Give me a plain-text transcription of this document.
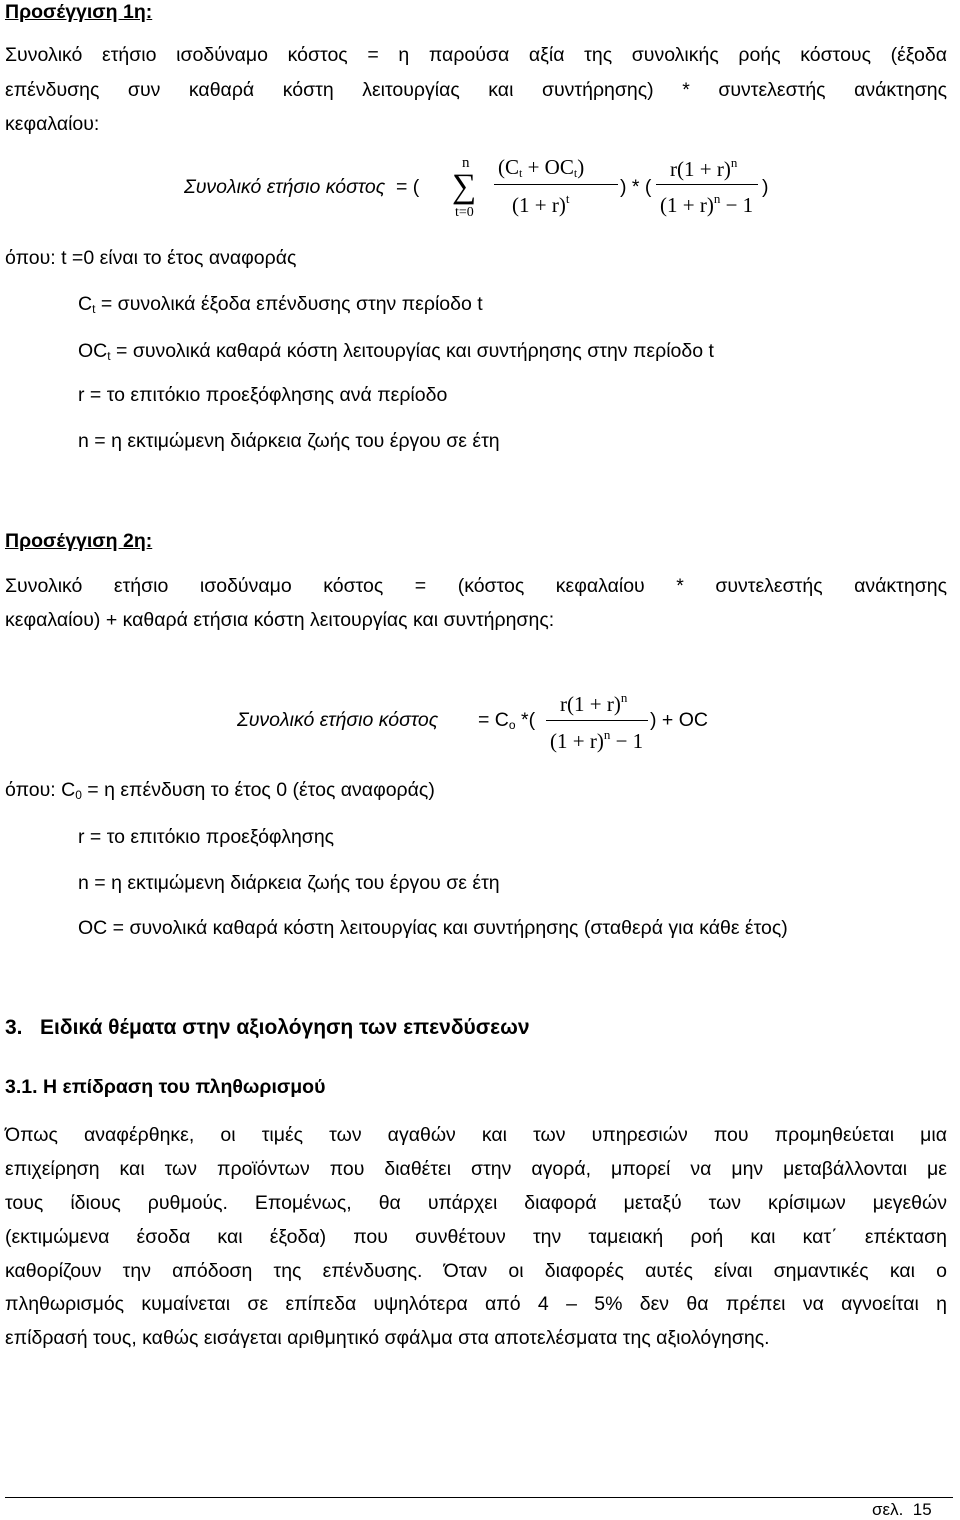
Προσέγγιση 1η:
Συνολικό ετήσιο ισοδύναμο κόστος = η παρούσα αξία της συνολικής ροής κόστους (έξοδα
επένδυσης συν καθαρά κόστη λειτουργίας και συντήρησης) * συντελεστής ανάκτησης
κεφαλαίου:
Συνολικό ετήσιο κόστος = (
n
∑
t=0
$(C_t + OC_t)$
$(1 + r)^t$
) * (
$r(1 + r)^n$
$(1 + r)^n - 1$
)
όπου: t =0 είναι το έτος αναφοράς
$C_t = \sigma\upsilon\nu o\lambda\iota\kappa ά$ έξοδα επένδυσης στην περίοδο t
$OC_t = \sigma\upsilon\nu o\lambda\iota\kappa ά$ καθαρά κόστη λειτουργίας και συντήρησης στην περίοδο t
r = το επιτόκιο προεξόφλησης ανά περίοδο
n = η εκτιμώμενη διάρκεια ζωής του έργου σε έτη
Προσέγγιση 2η:
Συνολικό ετήσιο ισοδύναμο κόστος = (κόστος κεφαλαίου * συντελεστής ανάκτησης
κεφαλαίου) + καθαρά ετήσια κόστη λειτουργίας και συντήρησης:
Συνολικό ετήσιο $\kappa ό\sigma\tau o\varsigma = C_o$ *(
$r(1 + r)^n$
$(1 + r)^n - 1$
) + OC
όπου: $C_0 = \eta$ επένδυση το έτος 0 (έτος αναφοράς)
r = το επιτόκιο προεξόφλησης
n = η εκτιμώμενη διάρκεια ζωής του έργου σε έτη
OC = συνολικά καθαρά κόστη λειτουργίας και συντήρησης (σταθερά για κάθε έτος)
3.   Ειδικά θέματα στην αξιολόγηση των επενδύσεων
3.1. Η επίδραση του πληθωρισμού
Όπως αναφέρθηκε, οι τιμές των αγαθών και των υπηρεσιών που προμηθεύεται μια
επιχείρηση και των προϊόντων που διαθέτει στην αγορά, μπορεί να μην μεταβάλλονται με
τους ίδιους ρυθμούς. Επομένως, θα υπάρχει διαφορά μεταξύ των κρίσιμων μεγεθών
(εκτιμώμενα έσοδα και έξοδα) που συνθέτουν την ταμειακή ροή και κατ΄ επέκταση
καθορίζουν την απόδοση της επένδυσης. Όταν οι διαφορές αυτές είναι σημαντικές και ο
πληθωρισμός κυμαίνεται σε επίπεδα υψηλότερα από 4 – 5% δεν θα πρέπει να αγνοείται η
επίδρασή τους, καθώς εισάγεται αριθμητικό σφάλμα στα αποτελέσματα της αξιολόγησης.
σελ.  15
